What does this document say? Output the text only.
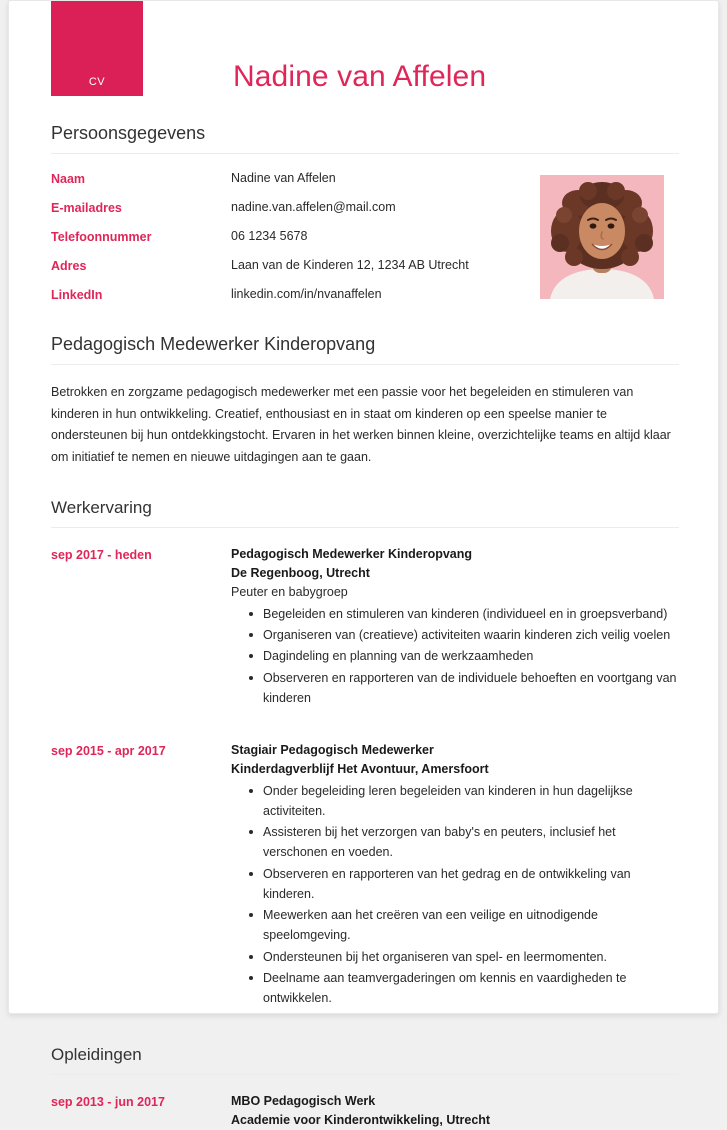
CV	Nadine van Affelen
Persoonsgegevens
Naam	Nadine van Affelen
E-mailadres	nadine.van.affelen@mail.com
Telefoonnummer	06 1234 5678
Adres	Laan van de Kinderen 12, 1234 AB Utrecht
LinkedIn	linkedin.com/in/nvanaffelen
Pedagogisch Medewerker Kinderopvang

Betrokken en zorgzame pedagogisch medewerker met een passie voor het begeleiden en stimuleren van kinderen in hun ontwikkeling. Creatief, enthousiast en in staat om kinderen op een speelse manier te ondersteunen bij hun ontdekkingstocht. Ervaren in het werken binnen kleine, overzichtelijke teams en altijd klaar om initiatief te nemen en nieuwe uitdagingen aan te gaan.

Werkervaring
sep 2017 - heden	Pedagogisch Medewerker Kinderopvang
De Regenboog, Utrecht
Peuter en babygroep
Begeleiden en stimuleren van kinderen (individueel en in groepsverband)
Organiseren van (creatieve) activiteiten waarin kinderen zich veilig voelen
Dagindeling en planning van de werkzaamheden
Observeren en rapporteren van de individuele behoeften en voortgang van kinderen
sep 2015 - apr 2017	Stagiair Pedagogisch Medewerker
Kinderdagverblijf Het Avontuur, Amersfoort
Onder begeleiding leren begeleiden van kinderen in hun dagelijkse activiteiten.
Assisteren bij het verzorgen van baby's en peuters, inclusief het verschonen en voeden.
Observeren en rapporteren van het gedrag en de ontwikkeling van kinderen.
Meewerken aan het creëren van een veilige en uitnodigende speelomgeving.
Ondersteunen bij het organiseren van spel- en leermomenten.
Deelname aan teamvergaderingen om kennis en vaardigheden te ontwikkelen.
Opleidingen
sep 2013 - jun 2017	MBO Pedagogisch Werk
Academie voor Kinderontwikkeling, Utrecht
